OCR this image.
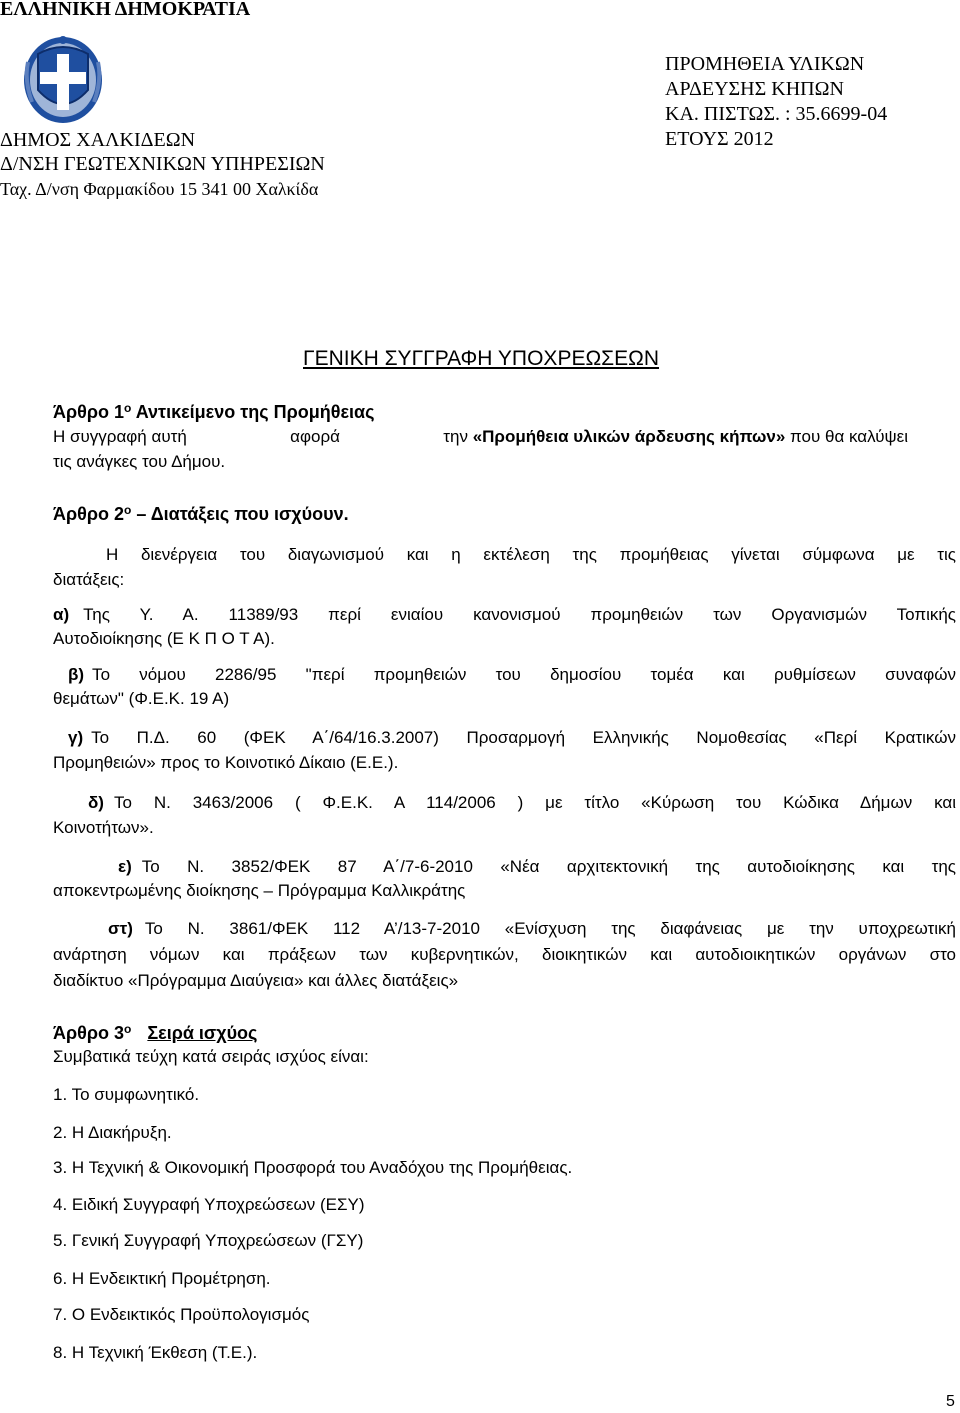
ΕΛΛΗΝΙΚΗ ΔΗΜΟΚΡΑΤΙΑ
ΔΗΜΟΣ ΧΑΛΚΙΔΕΩΝ
Δ/ΝΣΗ ΓΕΩΤΕΧΝΙΚΩΝ ΥΠΗΡΕΣΙΩΝ
Ταχ. Δ/νση Φαρμακίδου 15 341 00 Χαλκίδα
ΠΡΟΜΗΘΕΙΑ ΥΛΙΚΩΝ
ΑΡΔΕΥΣΗΣ ΚΗΠΩΝ
ΚΑ. ΠΙΣΤΩΣ. : 35.6699-04
ΕΤΟΥΣ 2012
ΓΕΝΙΚΗ ΣΥΓΓΡΑΦΗ ΥΠΟΧΡΕΩΣΕΩΝ
Άρθρο $1^o$ Αντικείμενο της Προμήθειας
Η συγγραφή αυτή	αφορά	την «Προμήθεια υλικών άρδευσης κήπων» που θα καλύψει
τις ανάγκες του Δήμου.
Άρθρο $2^o$ – Διατάξεις που ισχύουν.
Η διενέργεια του διαγωνισμού και η εκτέλεση της προμήθειας γίνεται σύμφωνα με τις
διατάξεις:
α) Της Υ. Α. 11389/93 περί ενιαίου κανονισμού προμηθειών των Οργανισμών Τοπικής
Αυτοδιοίκησης (Ε Κ Π Ο Τ Α).
β) Το νόμου 2286/95 "περί προμηθειών του δημοσίου τομέα και ρυθμίσεων συναφών
θεμάτων" (Φ.Ε.Κ. 19 Α)
γ) Το Π.Δ. 60 (ΦΕΚ Α΄/64/16.3.2007) Προσαρμογή Ελληνικής Νομοθεσίας «Περί Κρατικών
Προμηθειών» προς το Κοινοτικό Δίκαιο (Ε.Ε.).
δ) Το Ν. 3463/2006 ( Φ.Ε.Κ. Α 114/2006 ) με τίτλο «Κύρωση του Κώδικα Δήμων και
Κοινοτήτων».
ε) Το Ν. 3852/ΦΕΚ 87 Α΄/7-6-2010 «Νέα αρχιτεκτονική της αυτοδιοίκησης και της
αποκεντρωμένης διοίκησης – Πρόγραμμα Καλλικράτης
στ) Το Ν. 3861/ΦΕΚ 112 Α’/13-7-2010 «Ενίσχυση της διαφάνειας με την υποχρεωτική
ανάρτηση νόμων και πράξεων των κυβερνητικών, διοικητικών και αυτοδιοικητικών οργάνων στο
διαδίκτυο «Πρόγραμμα Διαύγεια» και άλλες διατάξεις»
Άρθρο $3^o$ Σειρά ισχύος
Συμβατικά τεύχη κατά σειράς ισχύος είναι:
1. Το συμφωνητικό.
2. Η Διακήρυξη.
3. Η Τεχνική & Οικονομική Προσφορά του Αναδόχου της Προμήθειας.
4. Ειδική Συγγραφή Υποχρεώσεων (ΕΣΥ)
5. Γενική Συγγραφή Υποχρεώσεων (ΓΣΥ)
6. Η Ενδεικτική Προμέτρηση.
7. Ο Ενδεικτικός Προϋπολογισμός
8. Η Τεχνική Έκθεση (Τ.Ε.).
5
